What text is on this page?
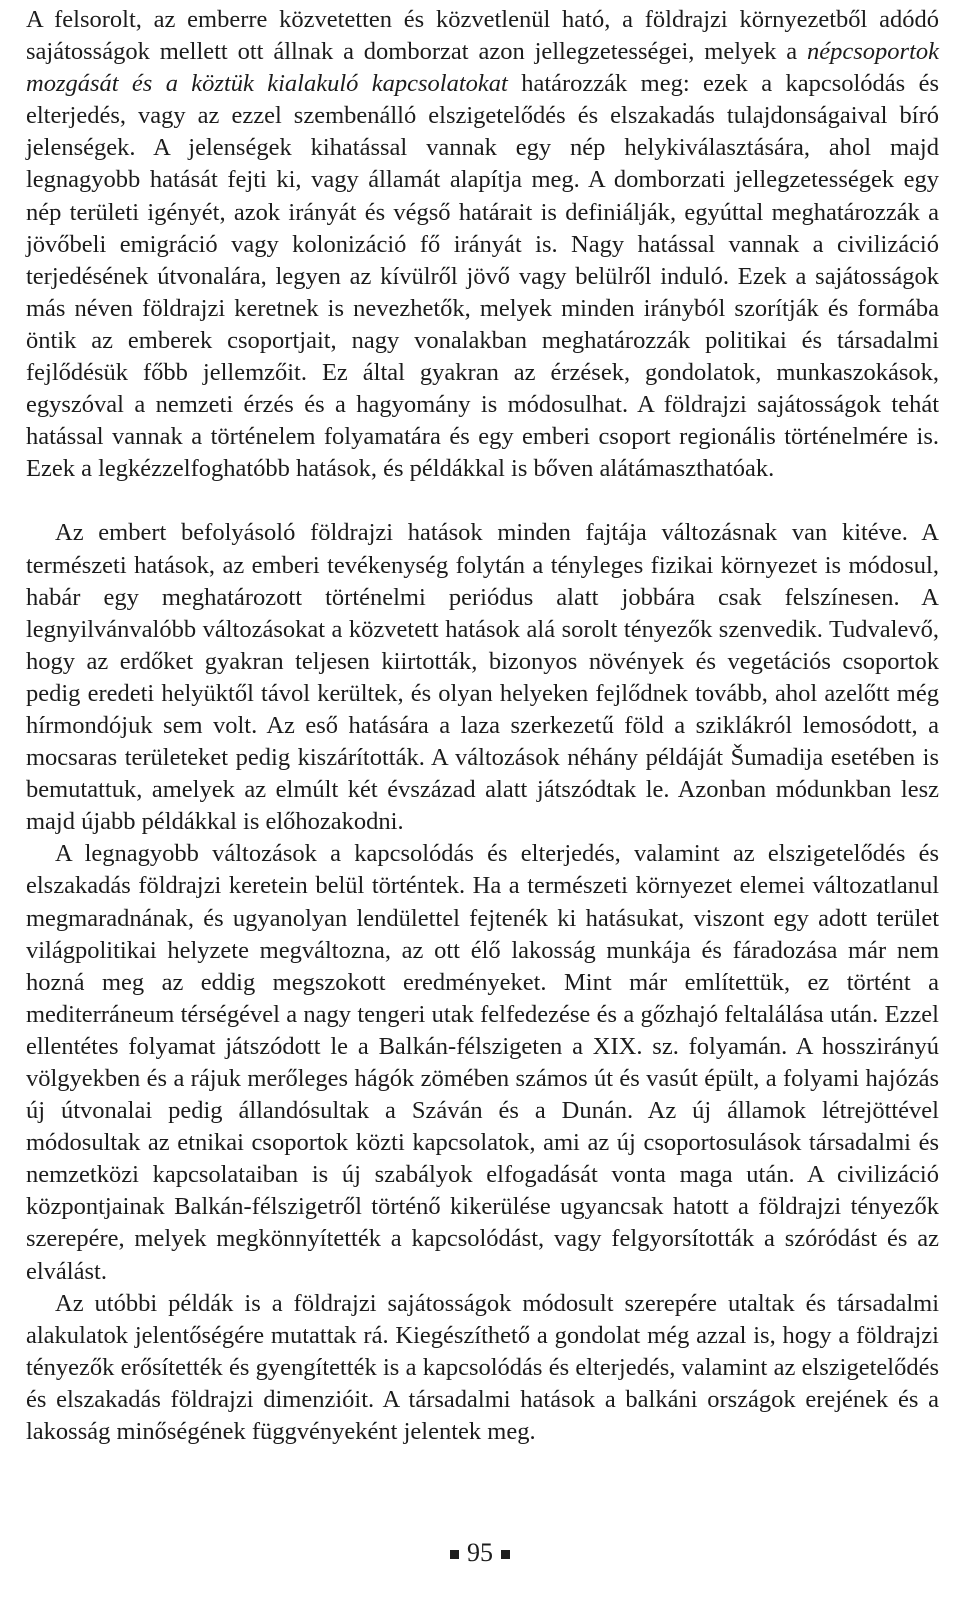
A felsorolt, az emberre közvetetten és közvetlenül ható, a földrajzi környezetből adódó sajátosságok mellett ott állnak a domborzat azon jellegzetességei, melyek a népcsoportok mozgását és a köztük kialakuló kapcsolatokat határozzák meg: ezek a kapcsolódás és elterjedés, vagy az ezzel szembenálló elszigetelődés és elszakadás tulajdonságaival bíró jelenségek. A jelenségek kihatással vannak egy nép helykiválasztására, ahol majd legnagyobb hatását fejti ki, vagy államát alapítja meg. A domborzati jellegzetességek egy nép területi igényét, azok irányát és végső határait is definiálják, egyúttal meghatározzák a jövőbeli emigráció vagy kolonizáció fő irányát is. Nagy hatással vannak a civilizáció terjedésének útvonalára, legyen az kívülről jövő vagy belülről induló. Ezek a sajátosságok más néven földrajzi keretnek is nevezhetők, melyek minden irányból szorítják és formába öntik az emberek csoportjait, nagy vonalakban meghatározzák politikai és társadalmi fejlődésük főbb jellemzőit. Ez által gyakran az érzések, gondolatok, munkaszokások, egyszóval a nemzeti érzés és a hagyomány is módosulhat. A földrajzi sajátosságok tehát hatással vannak a történelem folyamatára és egy emberi csoport regionális történelmére is. Ezek a legkézzelfoghatóbb hatások, és példákkal is bőven alátámaszthatóak.

Az embert befolyásoló földrajzi hatások minden fajtája változásnak van kitéve. A természeti hatások, az emberi tevékenység folytán a tényleges fizikai környezet is módosul, habár egy meghatározott történelmi periódus alatt jobbára csak felszínesen. A legnyilvánvalóbb változásokat a közvetett hatások alá sorolt tényezők szenvedik. Tudvalevő, hogy az erdőket gyakran teljesen kiirtották, bizonyos növények és vegetációs csoportok pedig eredeti helyüktől távol kerültek, és olyan helyeken fejlődnek tovább, ahol azelőtt még hírmondójuk sem volt. Az eső hatására a laza szerkezetű föld a sziklákról lemosódott, a mocsaras területeket pedig kiszárították. A változások néhány példáját Šumadija esetében is bemutattuk, amelyek az elmúlt két évszázad alatt játszódtak le. Azonban módunkban lesz majd újabb példákkal is előhozakodni.

A legnagyobb változások a kapcsolódás és elterjedés, valamint az elszigetelődés és elszakadás földrajzi keretein belül történtek. Ha a természeti környezet elemei változatlanul megmaradnának, és ugyanolyan lendülettel fejtenék ki hatásukat, viszont egy adott terület világpolitikai helyzete megváltozna, az ott élő lakosság munkája és fáradozása már nem hozná meg az eddig megszokott eredményeket. Mint már említettük, ez történt a mediterráneum térségével a nagy tengeri utak felfedezése és a gőzhajó feltalálása után. Ezzel ellentétes folyamat játszódott le a Balkán-félszigeten a XIX. sz. folyamán. A hosszirányú völgyekben és a rájuk merőleges hágók zömében számos út és vasút épült, a folyami hajózás új útvonalai pedig állandósultak a Száván és a Dunán. Az új államok létrejöttével módosultak az etnikai csoportok közti kapcsolatok, ami az új csoportosulások társadalmi és nemzetközi kapcsolataiban is új szabályok elfogadását vonta maga után. A civilizáció központjainak Balkán-félszigetről történő kikerülése ugyancsak hatott a földrajzi tényezők szerepére, melyek megkönnyítették a kapcsolódást, vagy felgyorsították a szóródást és az elválást.

Az utóbbi példák is a földrajzi sajátosságok módosult szerepére utaltak és társadalmi alakulatok jelentőségére mutattak rá. Kiegészíthető a gondolat még azzal is, hogy a földrajzi tényezők erősítették és gyengítették is a kapcsolódás és elterjedés, valamint az elszigetelődés és elszakadás földrajzi dimenzióit. A társadalmi hatások a balkáni országok erejének és a lakosság minőségének függvényeként jelentek meg.

95
